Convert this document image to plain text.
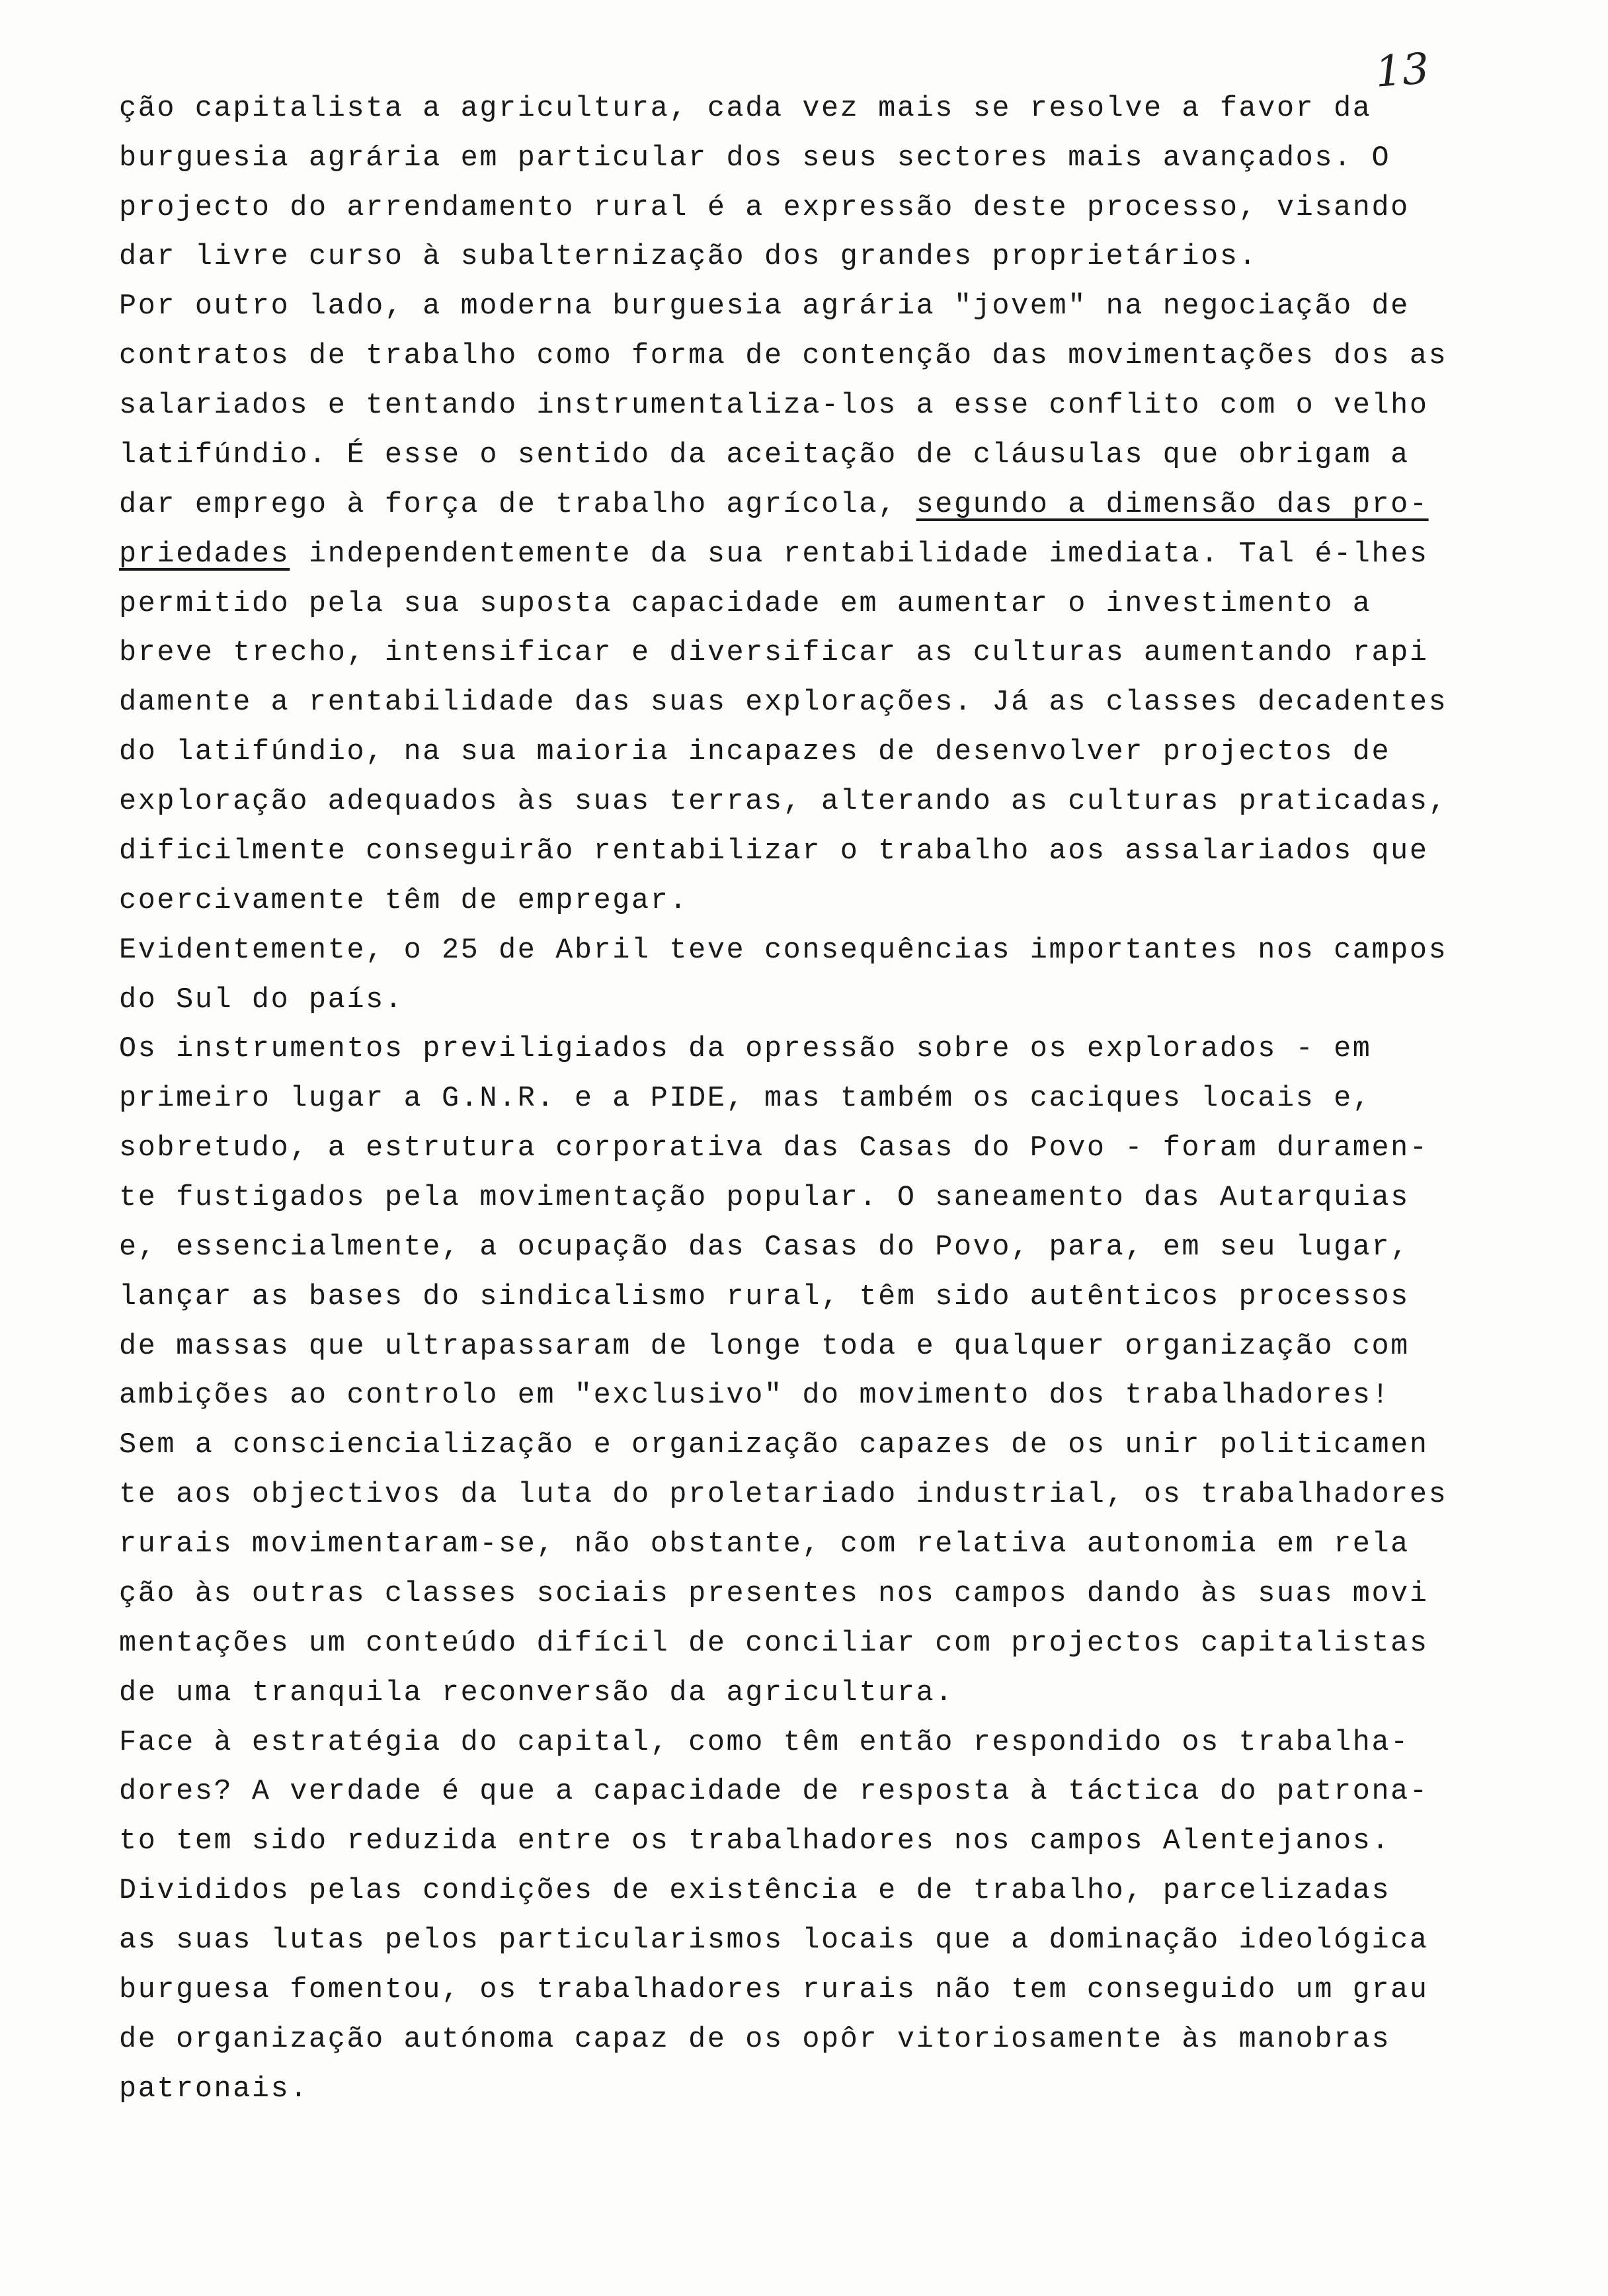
13
ção capitalista a agricultura, cada vez mais se resolve a favor da
burguesia agrária em particular dos seus sectores mais avançados. O
projecto do arrendamento rural é a expressão deste processo, visando
dar livre curso à subalternização dos grandes proprietários.
Por outro lado, a moderna burguesia agrária "jovem" na negociação de
contratos de trabalho como forma de contenção das movimentações dos as
salariados e tentando instrumentaliza-los a esse conflito com o velho
latifúndio. É esse o sentido da aceitação de cláusulas que obrigam a
dar emprego à força de trabalho agrícola, segundo a dimensão das pro-
priedades independentemente da sua rentabilidade imediata. Tal é-lhes
permitido pela sua suposta capacidade em aumentar o investimento a
breve trecho, intensificar e diversificar as culturas aumentando rapi
damente a rentabilidade das suas explorações. Já as classes decadentes
do latifúndio, na sua maioria incapazes de desenvolver projectos de
exploração adequados às suas terras, alterando as culturas praticadas,
dificilmente conseguirão rentabilizar o trabalho aos assalariados que
coercivamente têm de empregar.
Evidentemente, o 25 de Abril teve consequências importantes nos campos
do Sul do país.
Os instrumentos previligiados da opressão sobre os explorados - em
primeiro lugar a G.N.R. e a PIDE, mas também os caciques locais e,
sobretudo, a estrutura corporativa das Casas do Povo - foram duramen-
te fustigados pela movimentação popular. O saneamento das Autarquias
e, essencialmente, a ocupação das Casas do Povo, para, em seu lugar,
lançar as bases do sindicalismo rural, têm sido autênticos processos
de massas que ultrapassaram de longe toda e qualquer organização com
ambições ao controlo em "exclusivo" do movimento dos trabalhadores!
Sem a consciencialização e organização capazes de os unir politicamen
te aos objectivos da luta do proletariado industrial, os trabalhadores
rurais movimentaram-se, não obstante, com relativa autonomia em rela
ção às outras classes sociais presentes nos campos dando às suas movi
mentações um conteúdo difícil de conciliar com projectos capitalistas
de uma tranquila reconversão da agricultura.
Face à estratégia do capital, como têm então respondido os trabalha-
dores? A verdade é que a capacidade de resposta à táctica do patrona-
to tem sido reduzida entre os trabalhadores nos campos Alentejanos.
Divididos pelas condições de existência e de trabalho, parcelizadas
as suas lutas pelos particularismos locais que a dominação ideológica
burguesa fomentou, os trabalhadores rurais não tem conseguido um grau
de organização autónoma capaz de os opôr vitoriosamente às manobras
patronais.
